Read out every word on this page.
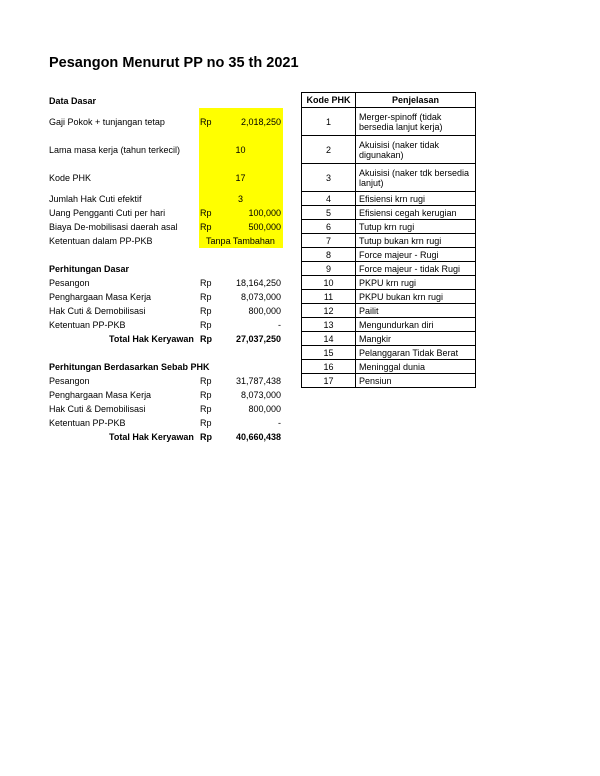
Pesangon Menurut PP no 35 th 2021
Data Dasar
Gaji Pokok + tunjangan tetap	Rp	2,018,250
Lama masa kerja (tahun terkecil)	10
Kode PHK	17
Jumlah Hak Cuti efektif	3
Uang Pengganti Cuti per hari	Rp	100,000
Biaya De-mobilisasi daerah asal Rp	500,000
Ketentuan dalam PP-PKB	Tanpa Tambahan
Perhitungan Dasar
Pesangon	Rp	18,164,250
Penghargaan Masa Kerja	Rp	8,073,000
Hak Cuti & Demobilisasi	Rp	800,000
Ketentuan PP-PKB	Rp	-
Total Hak Keryawan Rp	27,037,250
Perhitungan Berdasarkan Sebab PHK
Pesangon	Rp	31,787,438
Penghargaan Masa Kerja	Rp	8,073,000
Hak Cuti & Demobilisasi	Rp	800,000
Ketentuan PP-PKB	Rp	-
Total Hak Keryawan Rp	40,660,438
Kode PHK	Penjelasan
1	Merger-spinoff (tidak bersedia lanjut kerja)
2	Akuisisi (naker tidak digunakan)
3	Akuisisi (naker tdk bersedia lanjut)
4	Efisiensi krn rugi
5	Efisiensi cegah kerugian
6	Tutup krn rugi
7	Tutup bukan krn rugi
8	Force majeur - Rugi
9	Force majeur - tidak Rugi
10	PKPU krn rugi
11	PKPU bukan krn rugi
12	Pailit
13	Mengundurkan diri
14	Mangkir
15	Pelanggaran Tidak Berat
16	Meninggal dunia
17	Pensiun
